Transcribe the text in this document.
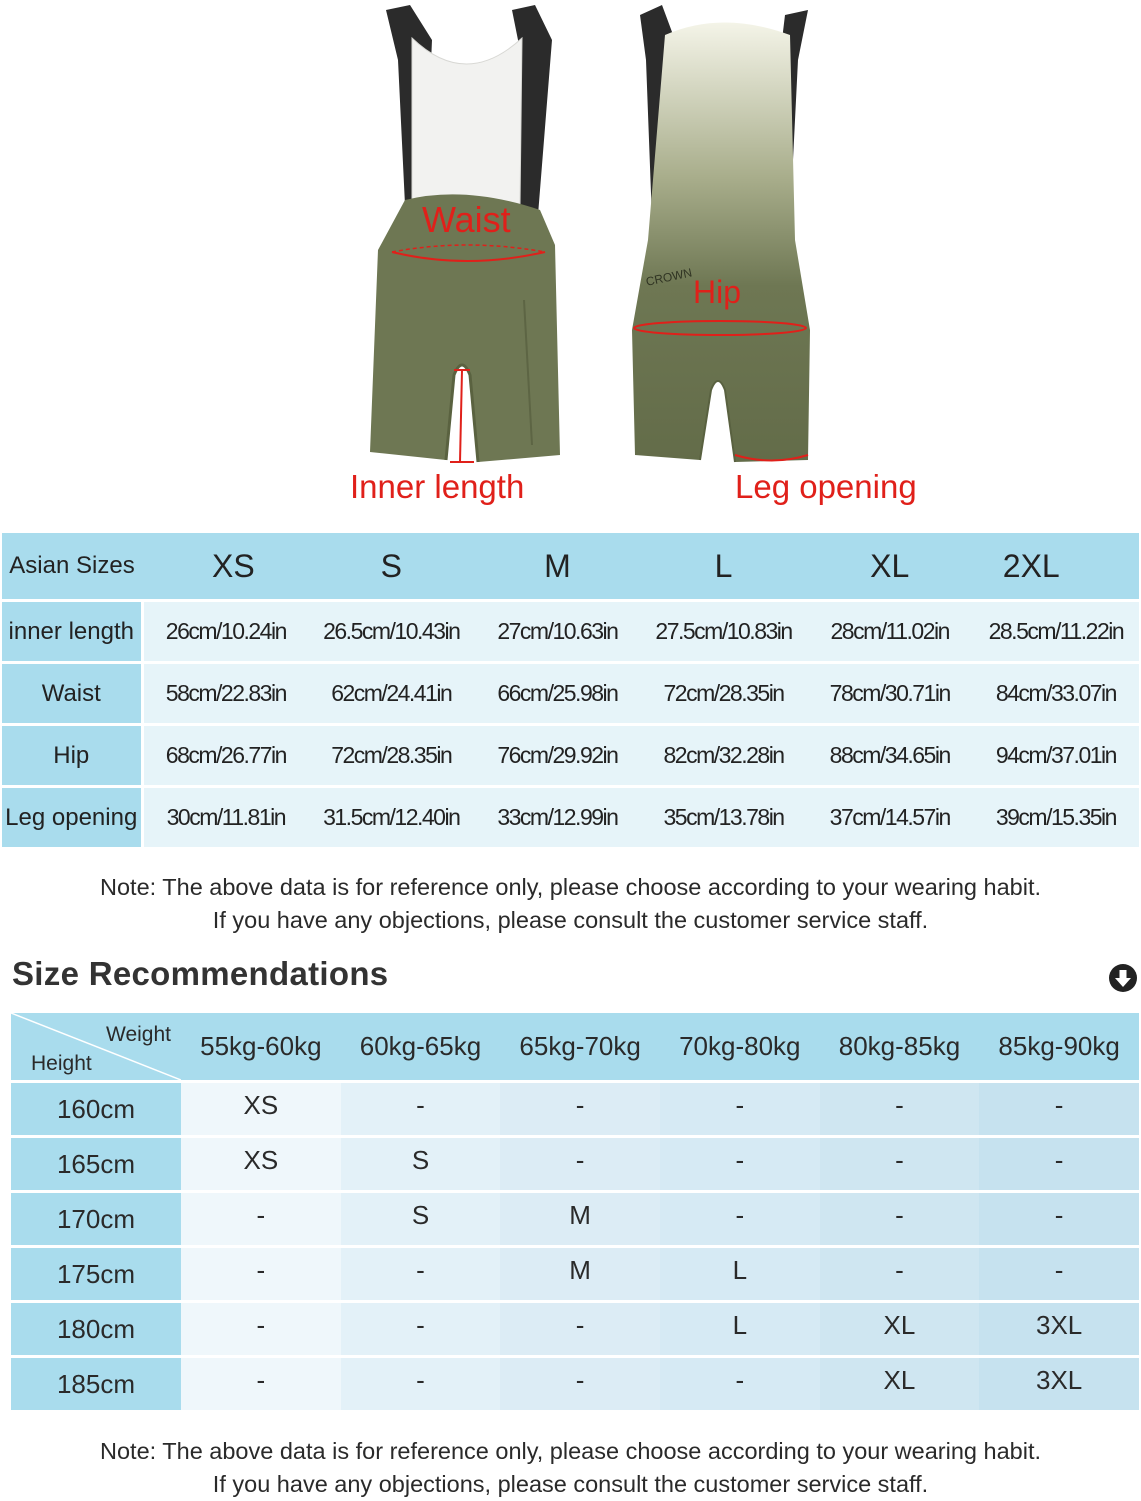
CROWN
Waist
Hip
Inner length	Leg opening
Asian Sizes	XS	S	M	L	XL	2XL
inner length	26cm/10.24in	26.5cm/10.43in	27cm/10.63in	27.5cm/10.83in	28cm/11.02in	28.5cm/11.22in
Waist	58cm/22.83in	62cm/24.41in	66cm/25.98in	72cm/28.35in	78cm/30.71in	84cm/33.07in
Hip	68cm/26.77in	72cm/28.35in	76cm/29.92in	82cm/32.28in	88cm/34.65in	94cm/37.01in
Leg opening	30cm/11.81in	31.5cm/12.40in	33cm/12.99in	35cm/13.78in	37cm/14.57in	39cm/15.35in
Note: The above data is for reference only, please choose according to your wearing habit.
If you have any objections, please consult the customer service staff.
Size Recommendations
Weight
Height	55kg-60kg	60kg-65kg	65kg-70kg	70kg-80kg	80kg-85kg	85kg-90kg
160cm	XS	-	-	-	-	-
165cm	XS	S	-	-	-	-
170cm	-	S	M	-	-	-
175cm	-	-	M	L	-	-
180cm	-	-	-	L	XL	3XL
185cm	-	-	-	-	XL	3XL
Note: The above data is for reference only, please choose according to your wearing habit.
If you have any objections, please consult the customer service staff.
